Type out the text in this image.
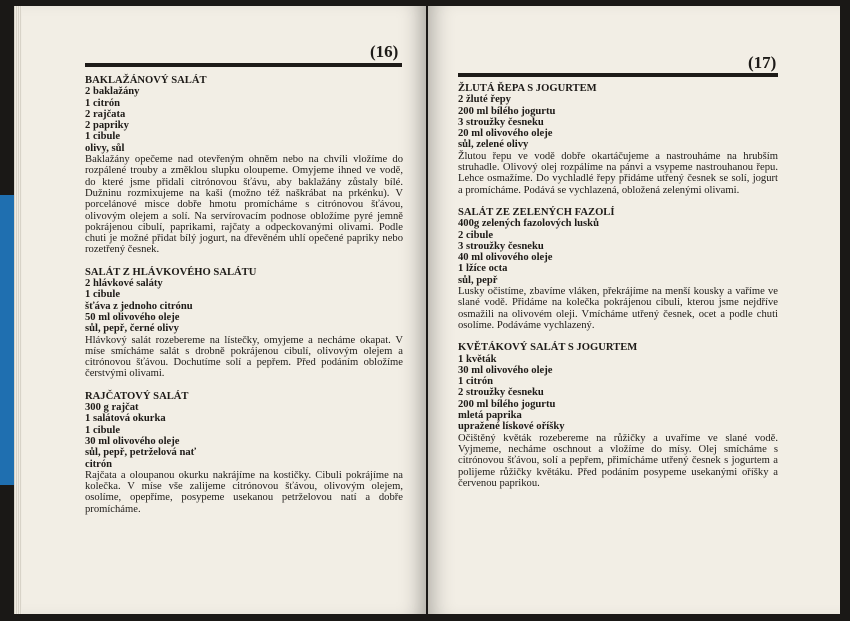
(16)
BAKLAŽÁNOVÝ SALÁT
2 baklažány
1 citrón
2 rajčata
2 papriky
1 cibule
olivy, sůl
Baklažány opečeme nad otevřeným ohněm nebo na chvíli vložíme do rozpálené trouby a změklou slupku oloupeme. Omyjeme ihned ve vodě, do které jsme přidali citrónovou šťávu, aby baklažány zůstaly bílé. Dužninu rozmixujeme na kaši (možno též naškrábat na prkénku). V porcelánové misce dobře hmotu promícháme s citrónovou šťávou, olivovým olejem a solí. Na servírovacím podnose obložíme pyré jemně pokrájenou cibulí, paprikami, rajčaty a odpeckovanými olivami. Podle chuti je možné přidat bílý jogurt, na dřevěném uhlí opečené papriky nebo rozetřený česnek.
SALÁT Z HLÁVKOVÉHO SALÁTU
2 hlávkové saláty
1 cibule
šťáva z jednoho citrónu
50 ml olivového oleje
sůl, pepř, černé olivy
Hlávkový salát rozebereme na lístečky, omyjeme a necháme okapat. V míse smícháme salát s drobně pokrájenou cibulí, olivovým olejem a citrónovou šťávou. Dochutíme solí a pepřem. Před podáním obložíme čerstvými olivami.
RAJČATOVÝ SALÁT
300 g rajčat
1 salátová okurka
1 cibule
30 ml olivového oleje
sůl, pepř, petrželová nať
citrón
Rajčata a oloupanou okurku nakrájíme na kostičky. Cibuli pokrájíme na kolečka. V míse vše zalijeme citrónovou šťávou, olivovým olejem, osolíme, opepříme, posypeme usekanou petrželovou natí a dobře promícháme.
(17)
ŽLUTÁ ŘEPA S JOGURTEM
2 žluté řepy
200 ml bílého jogurtu
3 stroužky česneku
20 ml olivového oleje
sůl, zelené olivy
Žlutou řepu ve vodě dobře okartáčujeme a nastrouháme na hrubším struhadle. Olivový olej rozpálíme na pánvi a vsypeme nastrouhanou řepu. Lehce osmažíme. Do vychladlé řepy přidáme utřený česnek se solí, jogurt a promícháme. Podává se vychlazená, obložená zelenými olivami.
SALÁT ZE ZELENÝCH FAZOLÍ
400g zelených fazolových lusků
2 cibule
3 stroužky česneku
40 ml olivového oleje
1 lžíce octa
sůl, pepř
Lusky očistíme, zbavíme vláken, překrájíme na menší kousky a vaříme ve slané vodě. Přidáme na kolečka pokrájenou cibuli, kterou jsme nejdříve osmažili na olivovém oleji. Vmícháme utřený česnek, ocet a podle chuti osolíme. Podáváme vychlazený.
KVĚTÁKOVÝ SALÁT S JOGURTEM
1 květák
30 ml olivového oleje
1 citrón
2 stroužky česneku
200 ml bílého jogurtu
mletá paprika
upražené lískové oříšky
Očištěný květák rozebereme na růžičky a uvaříme ve slané vodě. Vyjmeme, necháme oschnout a vložíme do mísy. Olej smícháme s citrónovou šťávou, solí a pepřem, přimícháme utřený česnek s jogurtem a polijeme růžičky květáku. Před podáním posypeme usekanými oříšky a červenou paprikou.
